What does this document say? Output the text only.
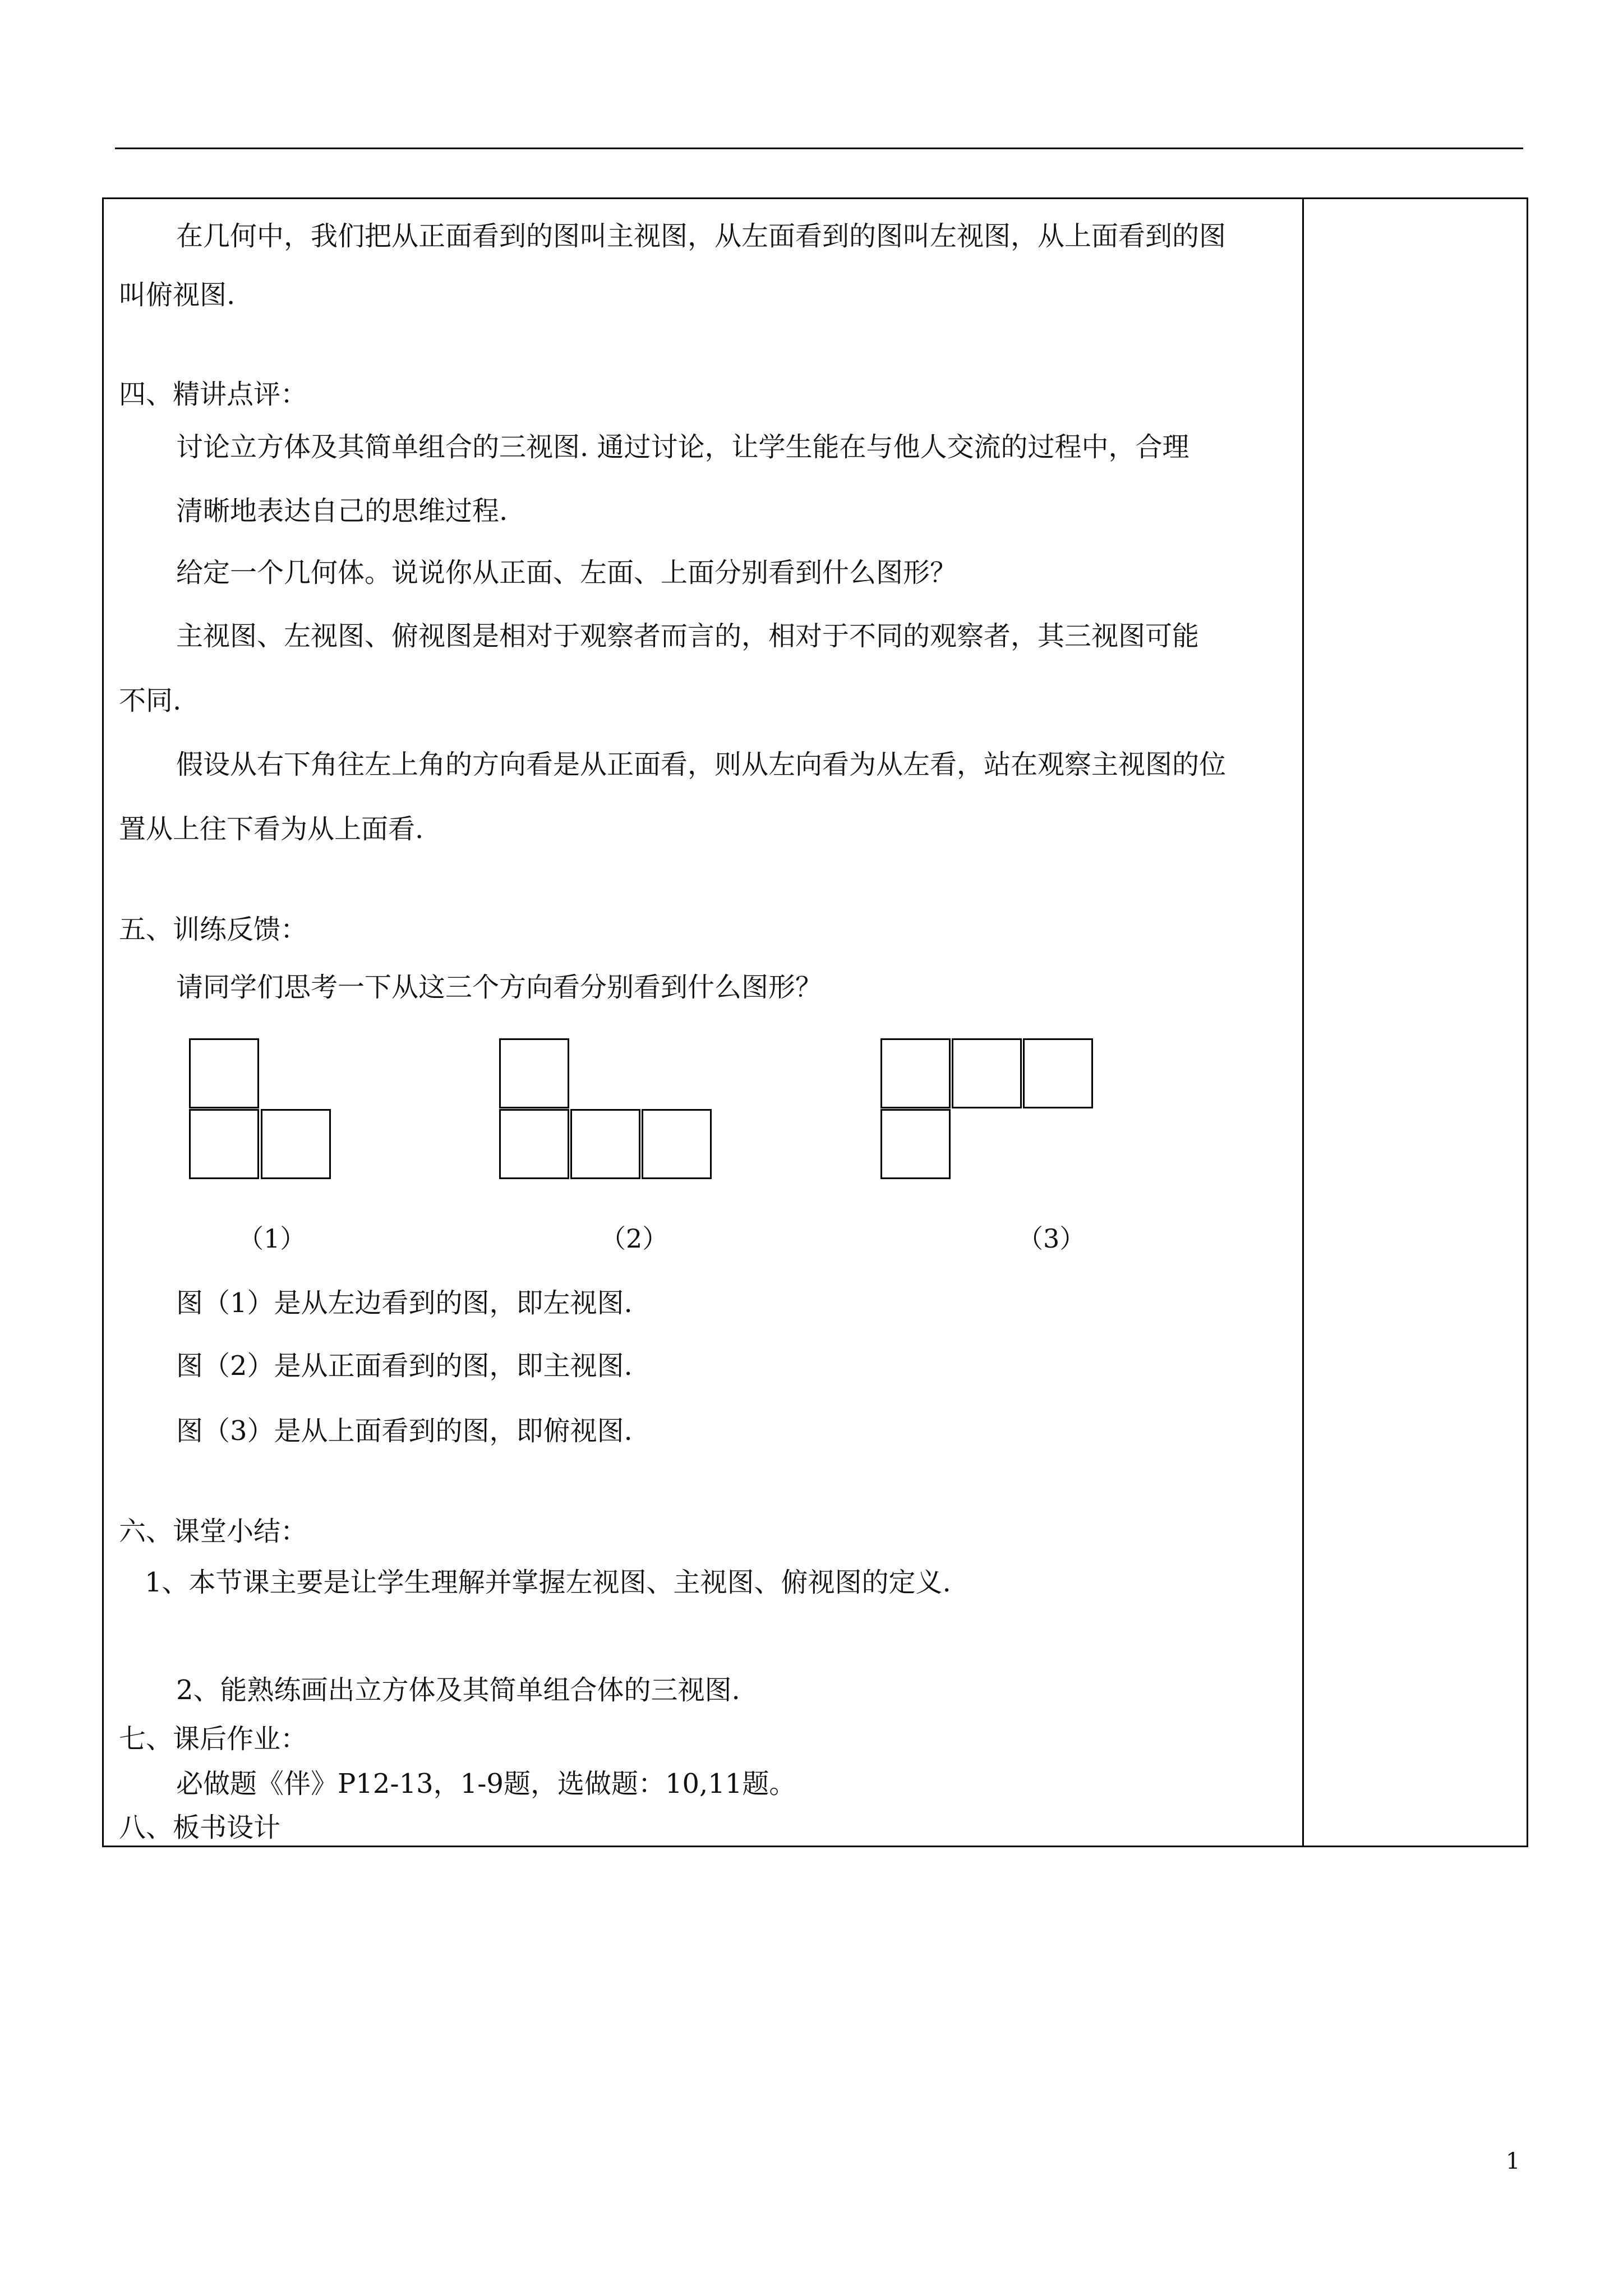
在几何中，我们把从正面看到的图叫主视图，从左面看到的图叫左视图，从上面看到的图
叫俯视图.
四、精讲点评：
讨论立方体及其简单组合的三视图. 通过讨论，让学生能在与他人交流的过程中，合理
清晰地表达自己的思维过程.
给定一个几何体。说说你从正面、左面、上面分别看到什么图形？
主视图、左视图、俯视图是相对于观察者而言的，相对于不同的观察者，其三视图可能
不同.
假设从右下角往左上角的方向看是从正面看，则从左向看为从左看，站在观察主视图的位
置从上往下看为从上面看.
五、训练反馈：
请同学们思考一下从这三个方向看分别看到什么图形？
（1）	（2）	（3）
图（1）是从左边看到的图，即左视图.
图（2）是从正面看到的图，即主视图.
图（3）是从上面看到的图，即俯视图.
六、课堂小结：
1、本节课主要是让学生理解并掌握左视图、主视图、俯视图的定义.
2、能熟练画出立方体及其简单组合体的三视图.
七、课后作业：
必做题《伴》P12-13，1-9题，选做题：10,11题。
八、板书设计
1
